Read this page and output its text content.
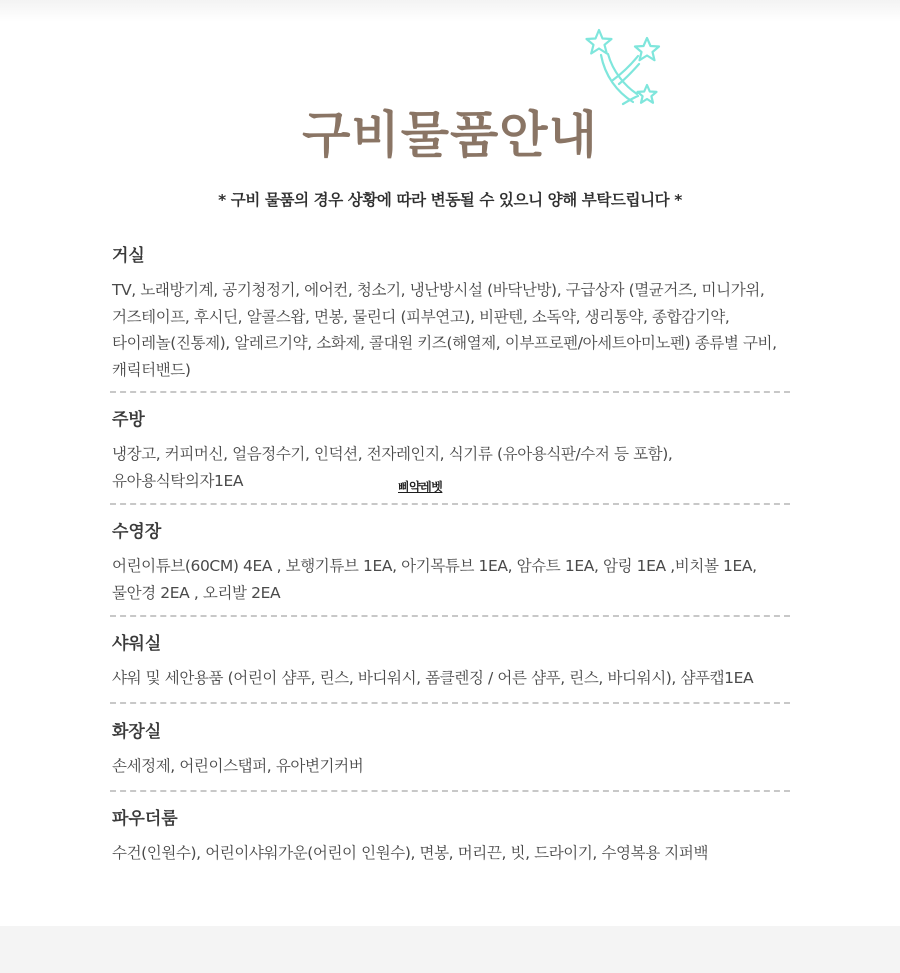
구비물품안내
* 구비 물품의 경우 상황에 따라 변동될 수 있으니 양해 부탁드립니다 *
거실
TV, 노래방기계, 공기청정기, 에어컨, 청소기, 냉난방시설 (바닥난방), 구급상자 (멸균거즈, 미니가위, 거즈테이프, 후시딘, 알콜스왑, 면봉, 물린디 (피부연고), 비판텐, 소독약, 생리통약, 종합감기약, 타이레놀(진통제), 알레르기약, 소화제, 콜대원 키즈(해열제, 이부프로펜/아세트아미노펜) 종류별 구비, 캐릭터밴드)
주방
냉장고, 커피머신, 얼음정수기, 인덕션, 전자레인지, 식기류 (유아용식판/수저 등 포함), 유아용식탁의자1EA	삐약레벳
수영장
어린이튜브(60CM) 4EA , 보행기튜브 1EA, 아기목튜브 1EA, 암슈트 1EA, 암링 1EA ,비치볼 1EA, 물안경 2EA , 오리발 2EA
샤워실
샤워 및 세안용품 (어린이 샴푸, 린스, 바디워시, 폼클렌징 / 어른 샴푸, 린스, 바디워시), 샴푸캡1EA
화장실
손세정제, 어린이스탭퍼, 유아변기커버
파우더룸
수건(인원수), 어린이샤워가운(어린이 인원수), 면봉, 머리끈, 빗, 드라이기, 수영복용 지퍼백
